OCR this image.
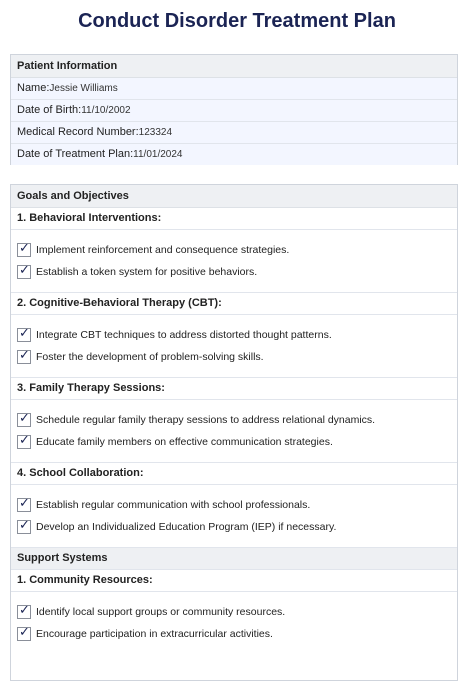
Conduct Disorder Treatment Plan
Patient Information
Name:Jessie Williams
Date of Birth:11/10/2002
Medical Record Number:123324
Date of Treatment Plan:11/01/2024
Goals and Objectives
1. Behavioral Interventions:
✓ Implement reinforcement and consequence strategies.
✓ Establish a token system for positive behaviors.
2. Cognitive-Behavioral Therapy (CBT):
✓ Integrate CBT techniques to address distorted thought patterns.
✓ Foster the development of problem-solving skills.
3. Family Therapy Sessions:
✓ Schedule regular family therapy sessions to address relational dynamics.
✓ Educate family members on effective communication strategies.
4. School Collaboration:
✓ Establish regular communication with school professionals.
✓ Develop an Individualized Education Program (IEP) if necessary.
Support Systems
1. Community Resources:
✓ Identify local support groups or community resources.
✓ Encourage participation in extracurricular activities.
